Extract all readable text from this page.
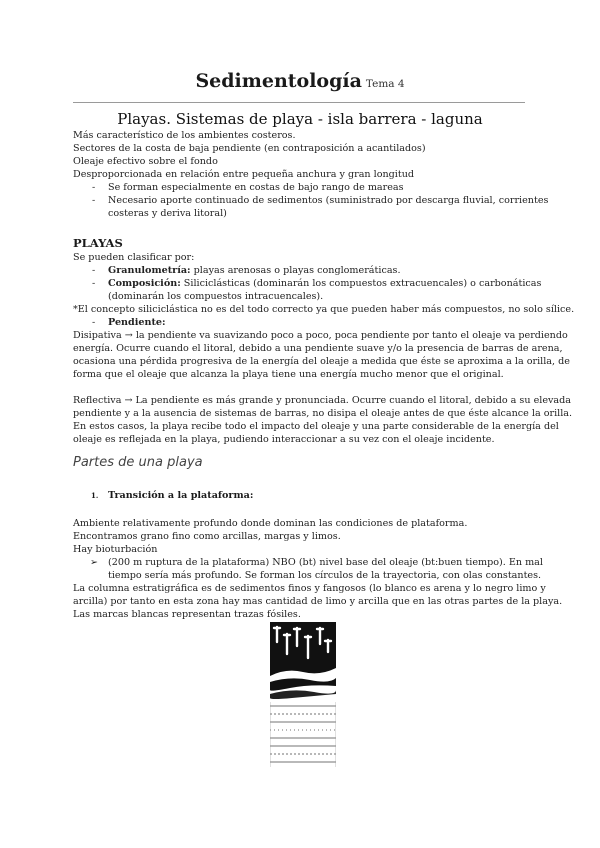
Sedimentología Tema 4
Playas. Sistemas de playa - isla barrera - laguna
Más característico de los ambientes costeros.
Sectores de la costa de baja pendiente (en contraposición a acantilados)
Oleaje efectivo sobre el fondo
Desproporcionada en relación entre pequeña anchura y gran longitud
- Se forman especialmente en costas de bajo rango de mareas
- Necesario aporte continuado de sedimentos (suministrado por descarga fluvial, corrientes
costeras y deriva litoral)
PLAYAS
Se pueden clasificar por:
- Granulometría: playas arenosas o playas conglomeráticas.
- Composición: Siliciclásticas (dominarán los compuestos extracuencales) o carbonáticas
(dominarán los compuestos intracuencales).
*El concepto siliciclástica no es del todo correcto ya que pueden haber más compuestos, no solo sílice.
- Pendiente:
Disipativa → la pendiente va suavizando poco a poco, poca pendiente por tanto el oleaje va perdiendo
energía. Ocurre cuando el litoral, debido a una pendiente suave y/o la presencia de barras de arena,
ocasiona una pérdida progresiva de la energía del oleaje a medida que éste se aproxima a la orilla, de
forma que el oleaje que alcanza la playa tiene una energía mucho menor que el original.
Reflectiva → La pendiente es más grande y pronunciada. Ocurre cuando el litoral, debido a su elevada
pendiente y a la ausencia de sistemas de barras, no disipa el oleaje antes de que éste alcance la orilla.
En estos casos, la playa recibe todo el impacto del oleaje y una parte considerable de la energía del
oleaje es reflejada en la playa, pudiendo interaccionar a su vez con el oleaje incidente.
Partes de una playa
1. Transición a la plataforma:
Ambiente relativamente profundo donde dominan las condiciones de plataforma.
Encontramos grano fino como arcillas, margas y limos.
Hay bioturbación
➢ (200 m ruptura de la plataforma) NBO (bt) nivel base del oleaje (bt:buen tiempo). En mal
tiempo sería más profundo. Se forman los círculos de la trayectoria, con olas constantes.
La columna estratigráfica es de sedimentos finos y fangosos (lo blanco es arena y lo negro limo y
arcilla) por tanto en esta zona hay mas cantidad de limo y arcilla que en las otras partes de la playa.
Las marcas blancas representan trazas fósiles.
